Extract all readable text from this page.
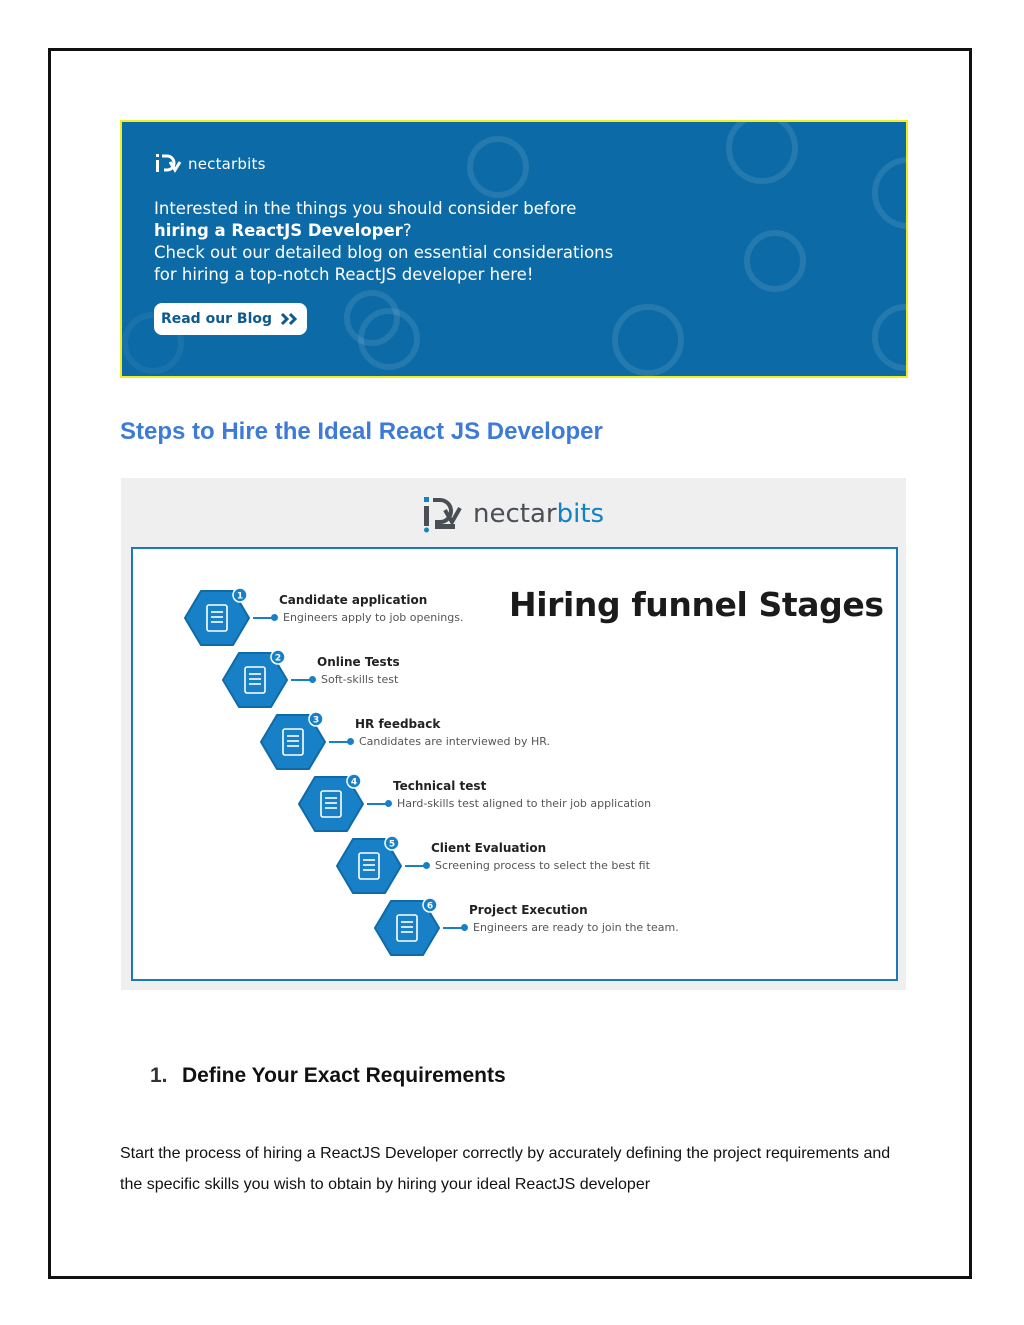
nectarbits

Interested in the things you should consider before

hiring a ReactJS Developer?

Check out our detailed blog on essential considerations

for hiring a top-notch ReactJS developer here!

Read our Blog
Steps to Hire the Ideal React JS Developer
nectarbits
Hiring funnel Stages
1	Candidate application
Engineers apply to job openings.
2	Online Tests
Soft-skills test
3	HR feedback
Candidates are interviewed by HR.
4	Technical test
Hard-skills test aligned to their job application
5	Client Evaluation
Screening process to select the best fit
6	Project Execution
Engineers are ready to join the team.
1. Define Your Exact Requirements

Start the process of hiring a ReactJS Developer correctly by accurately defining the project requirements and the specific skills you wish to obtain by hiring your ideal ReactJS developer
